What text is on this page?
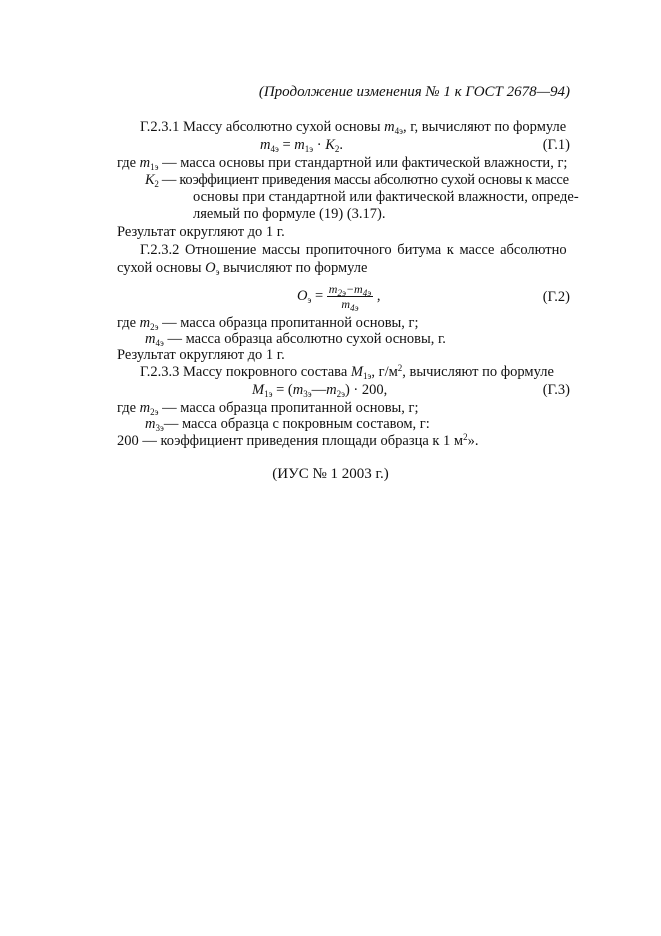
(Продолжение изменения № 1 к ГОСТ 2678—94)
Г.2.3.1 Массу абсолютно сухой основы $m_{4э}$, г, вычисляют по формуле
$m_{4э} = m_{1э} \cdot K_2$.	(Г.1)
где $m_{1э}$ — масса основы при стандартной или фактической влажности, г;
$K_2$ — коэффициент приведения массы абсолютно сухой основы к массе
основы при стандартной или фактической влажности, опреде-
ляемый по формуле (19) (3.17).
Результат округляют до 1 г.
Г.2.3.2 Отношение массы пропиточного битума к массе абсолютно
сухой основы $O_э$ вычисляют по формуле
$O_э = \frac{m_{2э}-m_{4э}}{m_{4э}}$ ,	(Г.2)
где $m_{2э}$ — масса образца пропитанной основы, г;
$m_{4э}$ — масса образца абсолютно сухой основы, г.
Результат округляют до 1 г.
Г.2.3.3 Массу покровного состава $M_{1э}$, $г/м^2$, вычисляют по формуле
$M_{1э}$ = $(m_{3э}—m_{2э}) \cdot 200$,	(Г.3)
где $m_{2э}$ — масса образца пропитанной основы, г;
$m_{3э}—$ масса образца с покровным составом, г:
200 — коэффициент приведения площади образца к 1 $м^2$».
(ИУС № 1 2003 г.)
